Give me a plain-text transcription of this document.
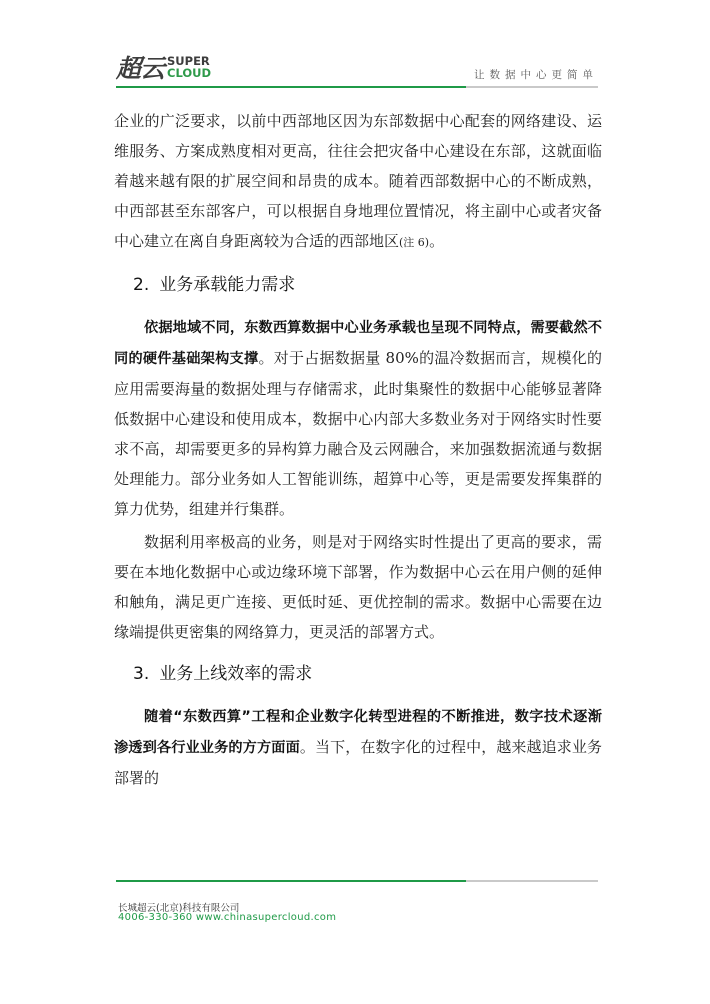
超云 SUPER
CLOUD	让数据中心更简单

企业的广泛要求，以前中西部地区因为东部数据中心配套的网络建设、运维服务、方案成熟度相对更高，往往会把灾备中心建设在东部，这就面临着越来越有限的扩展空间和昂贵的成本。随着西部数据中心的不断成熟，中西部甚至东部客户，可以根据自身地理位置情况，将主副中心或者灾备中心建立在离自身距离较为合适的西部地区(注 6)。

2. 业务承载能力需求

依据地域不同，东数西算数据中心业务承载也呈现不同特点，需要截然不同的硬件基础架构支撑。对于占据数据量 80%的温冷数据而言，规模化的应用需要海量的数据处理与存储需求，此时集聚性的数据中心能够显著降低数据中心建设和使用成本，数据中心内部大多数业务对于网络实时性要求不高，却需要更多的异构算力融合及云网融合，来加强数据流通与数据处理能力。部分业务如人工智能训练，超算中心等，更是需要发挥集群的算力优势，组建并行集群。

数据利用率极高的业务，则是对于网络实时性提出了更高的要求，需要在本地化数据中心或边缘环境下部署，作为数据中心云在用户侧的延伸和触角，满足更广连接、更低时延、更优控制的需求。数据中心需要在边缘端提供更密集的网络算力，更灵活的部署方式。

3. 业务上线效率的需求

随着“东数西算”工程和企业数字化转型进程的不断推进，数字技术逐渐渗透到各行业业务的方方面面。当下，在数字化的过程中，越来越追求业务部署的

长城超云(北京)科技有限公司
4006-330-360 www.chinasupercloud.com
